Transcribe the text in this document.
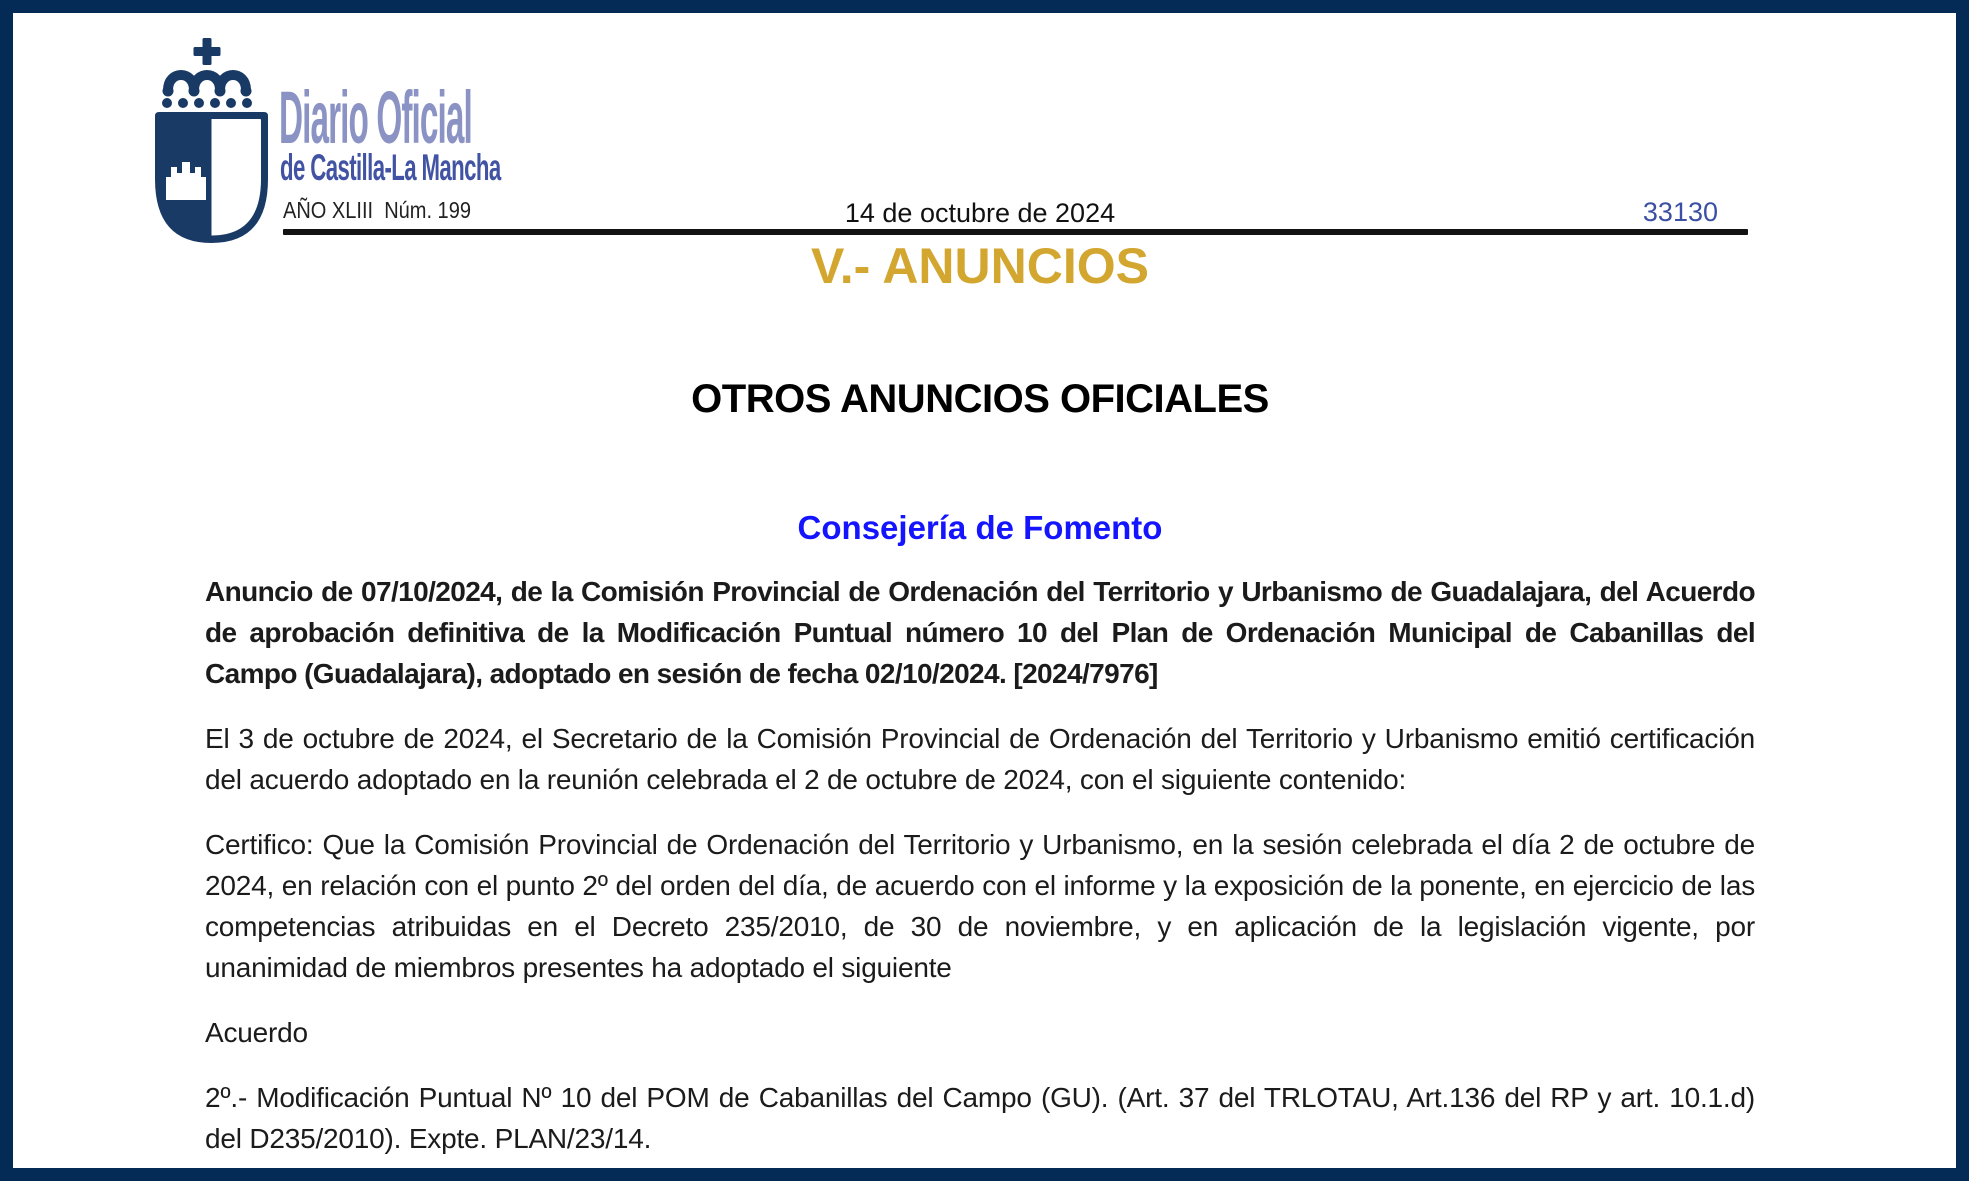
Diario Oficial
de Castilla-La Mancha
AÑO XLIII  Núm. 199	14 de octubre de 2024	33130
V.- ANUNCIOS
OTROS ANUNCIOS OFICIALES
Consejería de Fomento

Anuncio de 07/10/2024, de la Comisión Provincial de Ordenación del Territorio y Urbanismo de Guadalajara, del Acuerdo de aprobación definitiva de la Modificación Puntual número 10 del Plan de Ordenación Municipal de Cabanillas del Campo (Guadalajara), adoptado en sesión de fecha 02/10/2024. [2024/7976]

El 3 de octubre de 2024, el Secretario de la Comisión Provincial de Ordenación del Territorio y Urbanismo emitió certificación del acuerdo adoptado en la reunión celebrada el 2 de octubre de 2024, con el siguiente contenido:

Certifico: Que la Comisión Provincial de Ordenación del Territorio y Urbanismo, en la sesión celebrada el día 2 de octubre de 2024, en relación con el punto 2º del orden del día, de acuerdo con el informe y la exposición de la ponente, en ejercicio de las competencias atribuidas en el Decreto 235/2010, de 30 de noviembre, y en aplicación de la legislación vigente, por unanimidad de miembros presentes ha adoptado el siguiente

Acuerdo

2º.- Modificación Puntual Nº 10 del POM de Cabanillas del Campo (GU). (Art. 37 del TRLOTAU, Art.136 del RP y art. 10.1.d) del D235/2010). Expte. PLAN/23/14.
